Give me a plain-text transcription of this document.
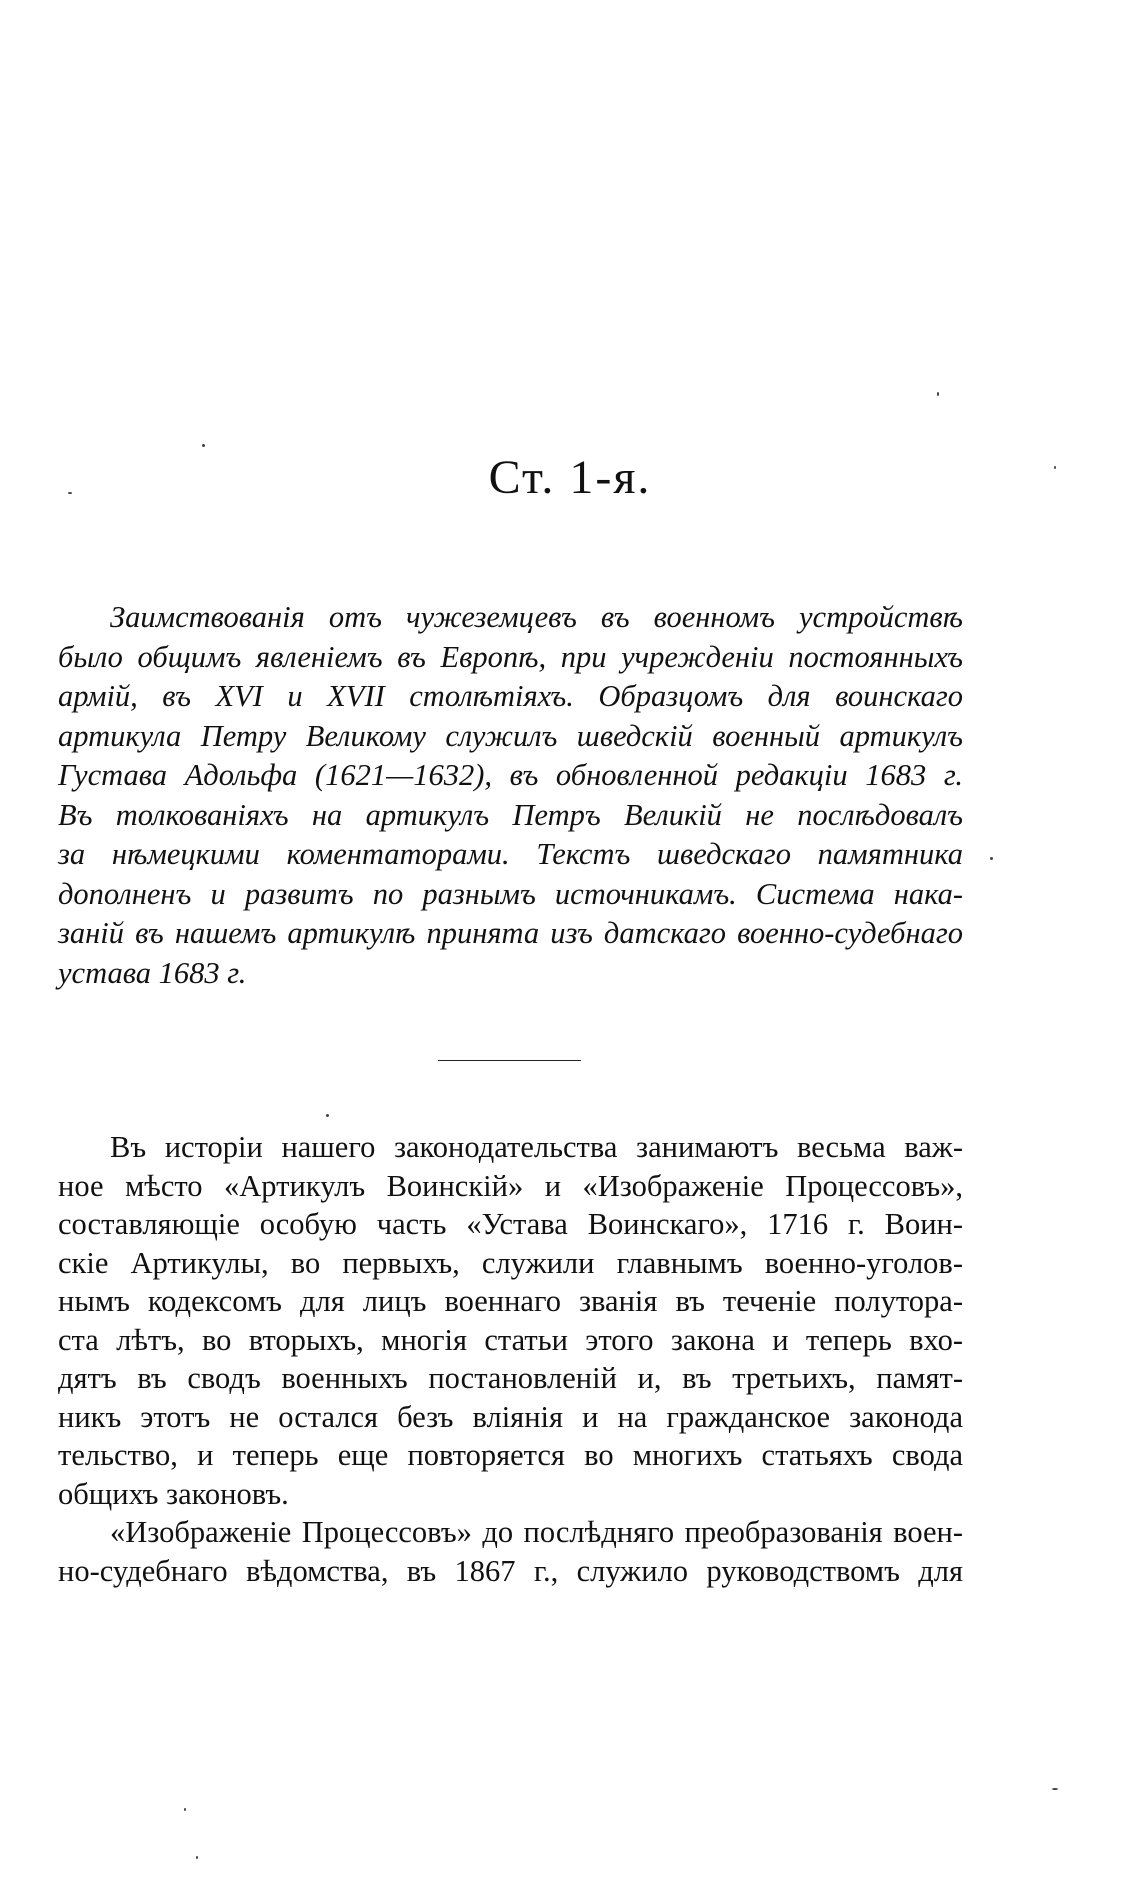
Ст. 1-я.
Заимствованія отъ чужеземцевъ въ военномъ устройствѣ
было общимъ явленіемъ въ Европѣ, при учрежденіи постоянныхъ
армій, въ XVI и XVII столѣтіяхъ. Образцомъ для воинскаго
артикула Петру Великому служилъ шведскій военный артикулъ
Густава Адольфа (1621—1632), въ обновленной редакціи 1683 г.
Въ толкованіяхъ на артикулъ Петръ Великій не послѣдовалъ
за нѣмецкими коментаторами. Текстъ шведскаго памятника
дополненъ и развитъ по разнымъ источникамъ. Система нака-
заній въ нашемъ артикулѣ принята изъ датскаго военно-судебнаго
устава 1683 г.
Въ исторіи нашего законодательства занимаютъ весьма важ-
ное мѣсто «Артикулъ Воинскій» и «Изображеніе Процессовъ»,
составляющіе особую часть «Устава Воинскаго», 1716 г. Воин-
скіе Артикулы, во первыхъ, служили главнымъ военно-уголов-
нымъ кодексомъ для лицъ военнаго званія въ теченіе полутора-
ста лѣтъ, во вторыхъ, многія статьи этого закона и теперь вхо-
дятъ въ сводъ военныхъ постановленій и, въ третьихъ, памят-
никъ этотъ не остался безъ вліянія и на гражданское законода
тельство, и теперь еще повторяется во многихъ статьяхъ свода
общихъ законовъ.
«Изображеніе Процессовъ» до послѣдняго преобразованія воен-
но-судебнаго вѣдомства, въ 1867 г., служило руководствомъ для
